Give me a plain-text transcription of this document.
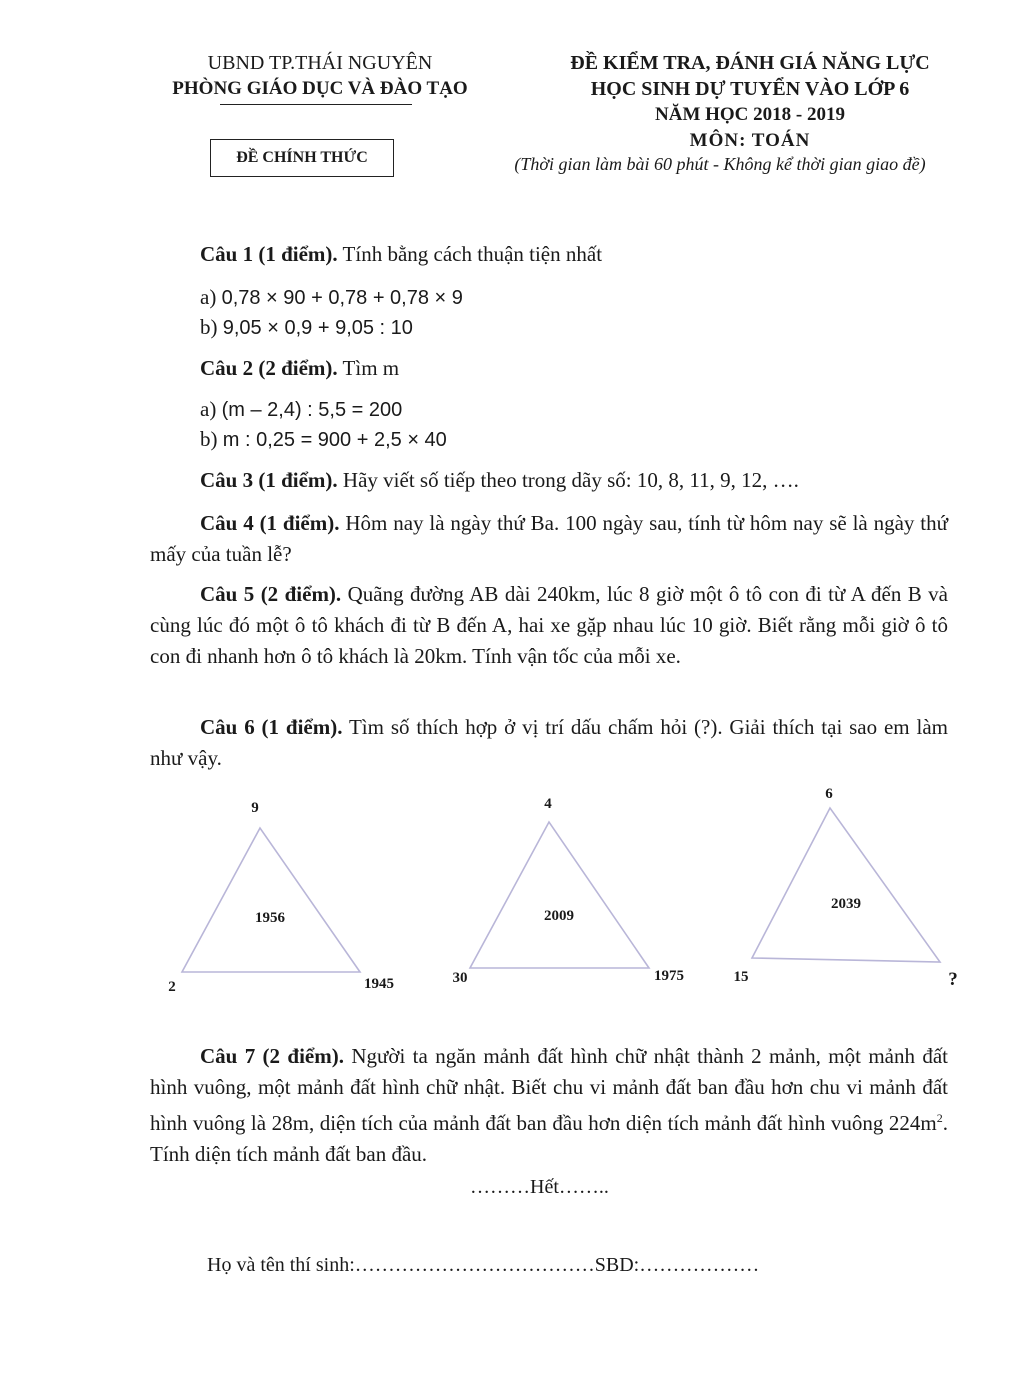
UBND TP.THÁI NGUYÊN
PHÒNG GIÁO DỤC VÀ ĐÀO TẠO
ĐỀ CHÍNH THỨC
ĐỀ KIỂM TRA, ĐÁNH GIÁ NĂNG LỰC
HỌC SINH DỰ TUYỂN VÀO LỚP 6
NĂM HỌC 2018 - 2019
MÔN: TOÁN
(Thời gian làm bài 60 phút - Không kể thời gian giao đề)
Câu 1 (1 điểm). Tính bằng cách thuận tiện nhất
a) 0,78 × 90 + 0,78 + 0,78 × 9
b) 9,05 × 0,9 + 9,05 : 10
Câu 2 (2 điểm). Tìm m
a) (m – 2,4) : 5,5 = 200
b) m : 0,25 = 900 + 2,5 × 40
Câu 3 (1 điểm). Hãy viết số tiếp theo trong dãy số: 10, 8, 11, 9, 12, ….
Câu 4 (1 điểm). Hôm nay là ngày thứ Ba. 100 ngày sau, tính từ hôm nay sẽ là ngày thứ mấy của tuần lễ?
Câu 5 (2 điểm). Quãng đường AB dài 240km, lúc 8 giờ một ô tô con đi từ A đến B và cùng lúc đó một ô tô khách đi từ B đến A, hai xe gặp nhau lúc 10 giờ. Biết rằng mỗi giờ ô tô con đi nhanh hơn ô tô khách là 20km. Tính vận tốc của mỗi xe.
Câu 6 (1 điểm). Tìm số thích hợp ở vị trí dấu chấm hỏi (?). Giải thích tại sao em làm như vậy.
9
1956
2	1945
4
2009
30	1975
6
2039
15	?
Câu 7 (2 điểm). Người ta ngăn mảnh đất hình chữ nhật thành 2 mảnh, một mảnh đất hình vuông, một mảnh đất hình chữ nhật. Biết chu vi mảnh đất ban đầu hơn chu vi mảnh đất hình vuông là 28m, diện tích của mảnh đất ban đầu hơn diện tích mảnh đất hình vuông $224m^2$. Tính diện tích mảnh đất ban đầu.
………Hết……..
Họ và tên thí sinh:………………………………SBD:………………
